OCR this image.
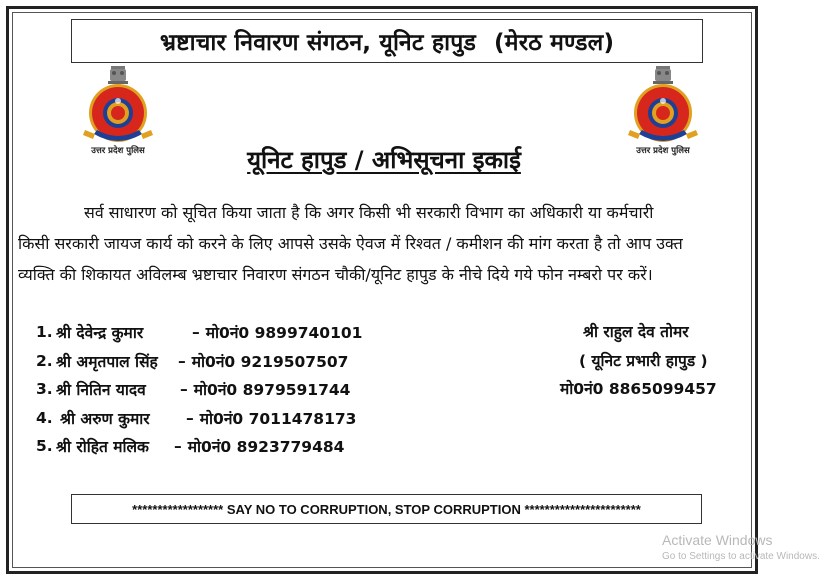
भ्रष्टाचार निवारण संगठन, यूनिट हापुड (मेरठ मण्डल)
उत्तर प्रदेश पुलिस	उत्तर प्रदेश पुलिस
यूनिट हापुड / अभिसूचना इकाई
सर्व साधारण को सूचित किया जाता है कि अगर किसी भी सरकारी विभाग का अधिकारी या कर्मचारी
किसी सरकारी जायज कार्य को करने के लिए आपसे उसके ऐवज में रिश्वत / कमीशन की मांग करता है तो आप उक्त
व्यक्ति की शिकायत अविलम्ब भ्रष्टाचार निवारण संगठन चौकी/यूनिट हापुड के नीचे दिये गये फोन नम्बरो पर करें।
1. श्री देवेन्द्र कुमार	– मो0नं0 9899740101
2. श्री अमृतपाल सिंह	– मो0नं0 9219507507
3. श्री नितिन यादव	– मो0नं0 8979591744
4. श्री अरुण कुमार	– मो0नं0 7011478173
5. श्री रोहित मलिक	– मो0नं0 8923779484
श्री राहुल देव तोमर
( यूनिट प्रभारी हापुड )
मो0नं0 8865099457
****************** SAY NO TO CORRUPTION, STOP CORRUPTION ***********************
Activate Windows
Go to Settings to activate Windows.
